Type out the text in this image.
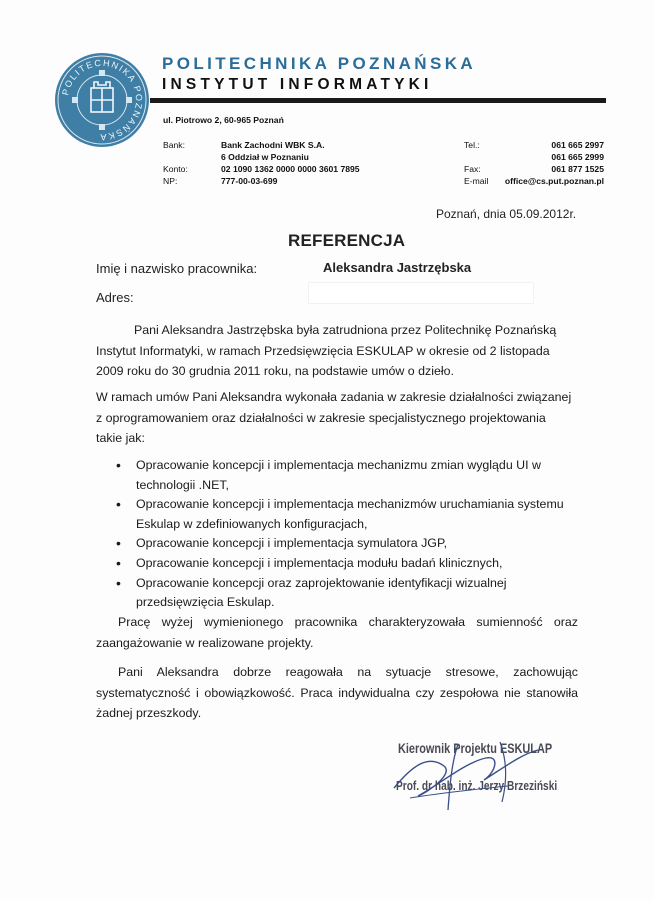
POLITECHNIKA POZNAŃSKA
POLITECHNIKA POZNAŃSKA
INSTYTUT INFORMATYKI
ul. Piotrowo 2, 60-965 Poznań
Bank:	Bank Zachodni WBK S.A.
6 Oddział w Poznaniu
Konto:	02 1090 1362 0000 0000 3601 7895
NP:	777-00-03-699
Tel.:	061 665 2997
061 665 2999
Fax:	061 877 1525
E-mail	office@cs.put.poznan.pl
Poznań, dnia 05.09.2012r.
REFERENCJA
Imię i nazwisko pracownika:	Aleksandra Jastrzębska
Adres:
Pani Aleksandra Jastrzębska była zatrudniona przez Politechnikę Poznańską Instytut Informatyki, w ramach Przedsięwzięcia ESKULAP w okresie od 2 listopada 2009 roku do 30 grudnia 2011 roku, na podstawie umów o dzieło.
W ramach umów Pani Aleksandra wykonała zadania w zakresie działalności związanej z oprogramowaniem oraz działalności w zakresie specjalistycznego projektowania takie jak:
• Opracowanie koncepcji i implementacja mechanizmu zmian wyglądu UI w technologii .NET,
• Opracowanie koncepcji i implementacja mechanizmów uruchamiania systemu Eskulap w zdefiniowanych konfiguracjach,
• Opracowanie koncepcji i implementacja symulatora JGP,
• Opracowanie koncepcji i implementacja modułu badań klinicznych,
• Opracowanie koncepcji oraz zaprojektowanie identyfikacji wizualnej przedsięwzięcia Eskulap.
Pracę wyżej wymienionego pracownika charakteryzowała sumienność oraz zaangażowanie w realizowane projekty.
Pani Aleksandra dobrze reagowała na sytuacje stresowe, zachowując systematyczność i obowiązkowość. Praca indywidualna czy zespołowa nie stanowiła żadnej przeszkody.
Kierownik Projektu ESKULAP
Prof. dr hab. inż. Jerzy Brzeziński
